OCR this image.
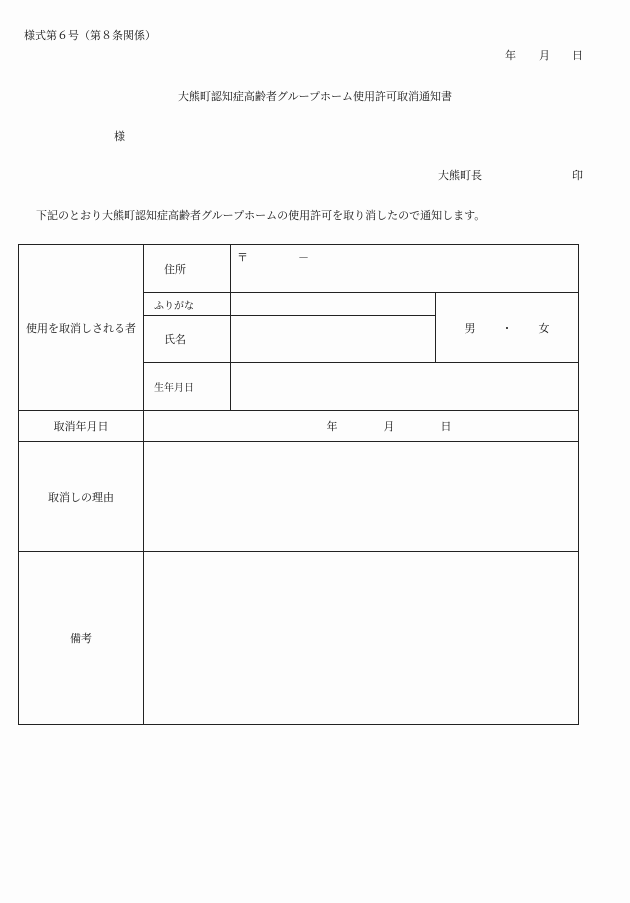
様式第６号（第８条関係）
年 月 日
大熊町認知症高齢者グループホーム使用許可取消通知書
様
大熊町長	印
下記のとおり大熊町認知症高齢者グループホームの使用許可を取り消したので通知します。
使用を取消しされる者	住所	〒 －	
	ふりがな		男 ・ 女
	氏名		
	生年月日		
取消年月日	年 月 日		
取消しの理由			
備考			
